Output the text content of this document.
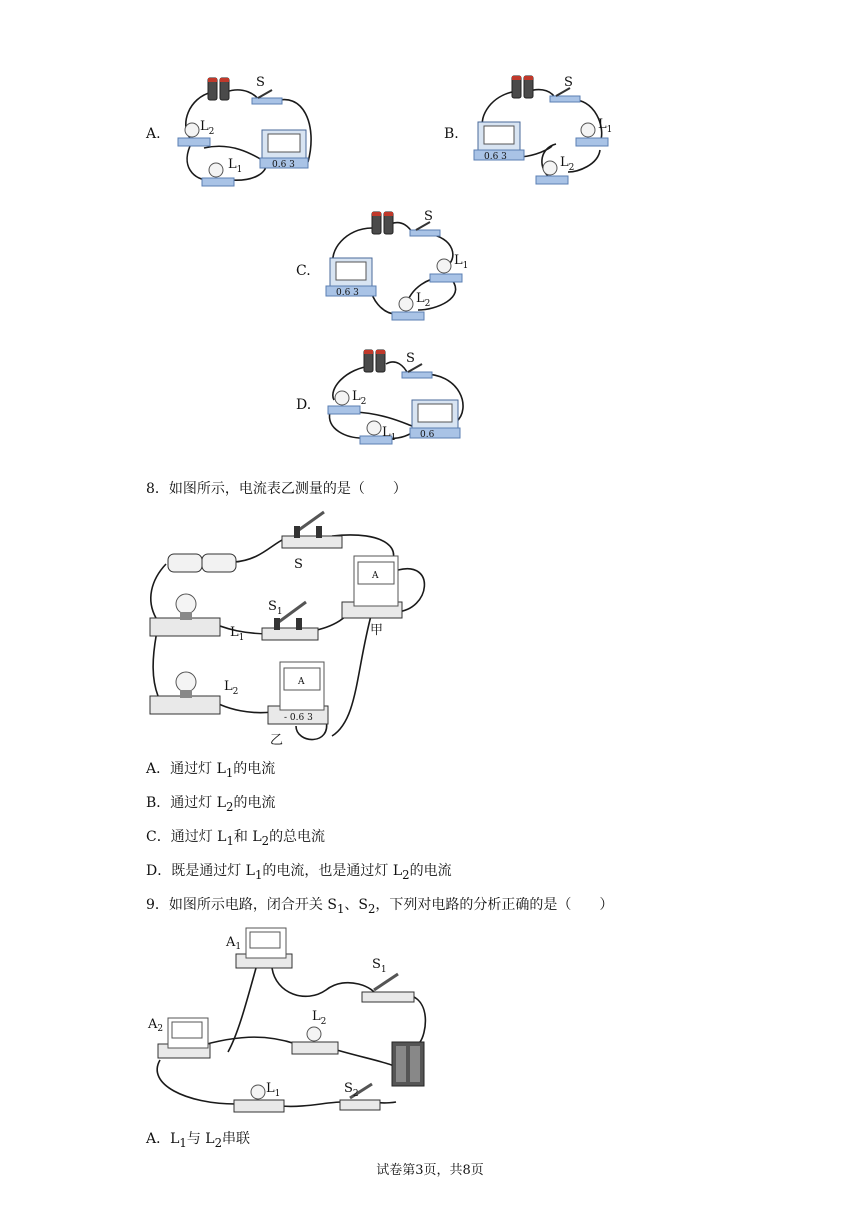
A.
S
$L_2$
$L_1$	0.6 3
B.
S
0.6 3
$L_1$
$L_2$
C.
S
0.6 3
$L_1$
$L_2$
D.
S
$L_2$
$L_1$	0.6
8．如图所示，电流表乙测量的是（　　）
S
$L_1$
$S_1$
A
甲
$L_2$
A
- 0.6 3
乙
A．通过灯 $L_1$的电流
B．通过灯 $L_2$的电流
C．通过灯 $L_1$和 $L_2$的总电流
D．既是通过灯 $L_1$的电流，也是通过灯 $L_2$的电流
9．如图所示电路，闭合开关 $S_1$、$S_2$，下列对电路的分析正确的是（　　）
$A_1$
$S_1$
$A_2$
$L_2$
$L_1$	$S_2$
A．$L_1$与 $L_2$串联
试卷第3页，共8页
